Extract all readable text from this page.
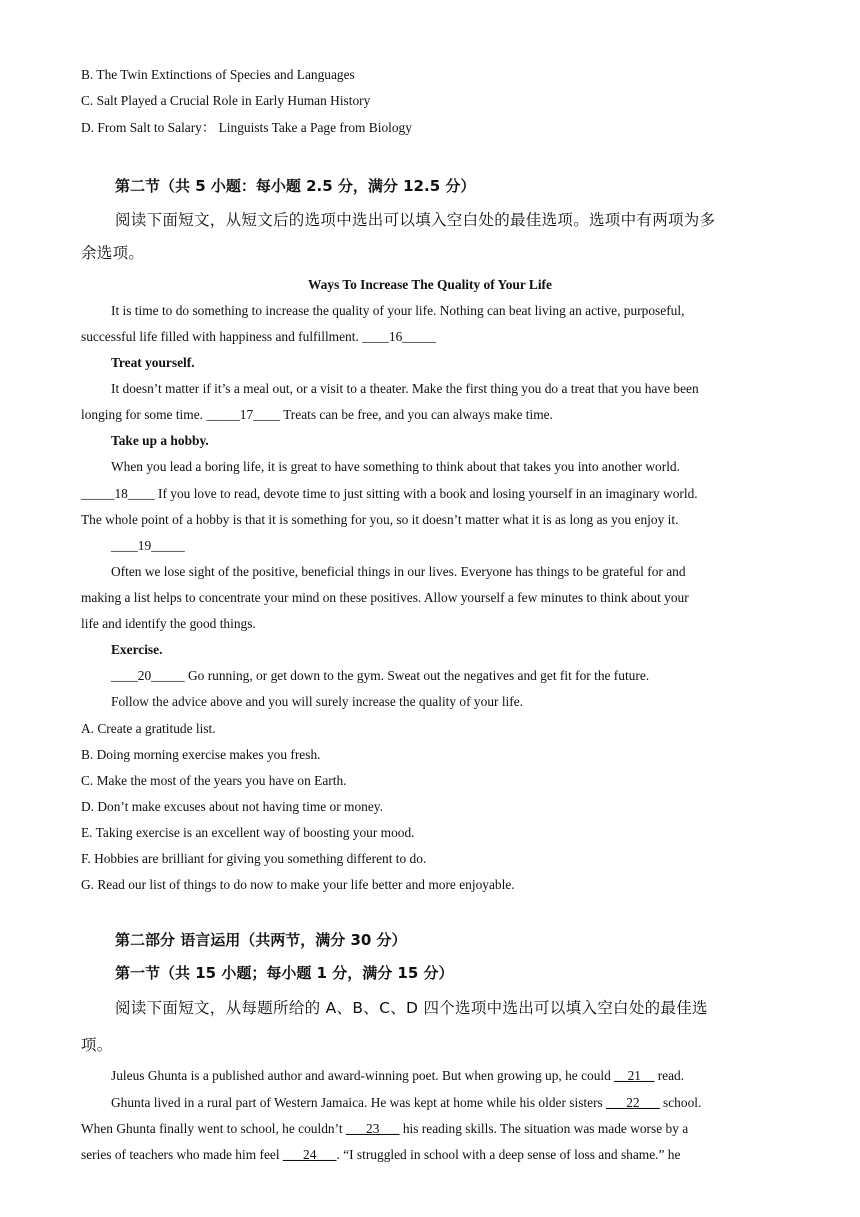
B. The Twin Extinctions of Species and Languages
C. Salt Played a Crucial Role in Early Human History
D. From Salt to Salary： Linguists Take a Page from Biology
第二节（共 5 小题：每小题 2.5 分，满分 12.5 分）
阅读下面短文，从短文后的选项中选出可以填入空白处的最佳选项。选项中有两项为多
余选项。
Ways To Increase The Quality of Your Life
It is time to do something to increase the quality of your life. Nothing can beat living an active, purposeful,
successful life filled with happiness and fulfillment. ____16_____
Treat yourself.
It doesn’t matter if it’s a meal out, or a visit to a theater. Make the first thing you do a treat that you have been
longing for some time. _____17____ Treats can be free, and you can always make time.
Take up a hobby.
When you lead a boring life, it is great to have something to think about that takes you into another world.
_____18____ If you love to read, devote time to just sitting with a book and losing yourself in an imaginary world.
The whole point of a hobby is that it is something for you, so it doesn’t matter what it is as long as you enjoy it.
____19_____
Often we lose sight of the positive, beneficial things in our lives. Everyone has things to be grateful for and
making a list helps to concentrate your mind on these positives. Allow yourself a few minutes to think about your
life and identify the good things.
Exercise.
____20_____ Go running, or get down to the gym. Sweat out the negatives and get fit for the future.
Follow the advice above and you will surely increase the quality of your life.
A. Create a gratitude list.
B. Doing morning exercise makes you fresh.
C. Make the most of the years you have on Earth.
D. Don’t make excuses about not having time or money.
E. Taking exercise is an excellent way of boosting your mood.
F. Hobbies are brilliant for giving you something different to do.
G. Read our list of things to do now to make your life better and more enjoyable.
第二部分 语言运用（共两节，满分 30 分）
第一节（共 15 小题；每小题 1 分，满分 15 分）
阅读下面短文，从每题所给的 A、B、C、D 四个选项中选出可以填入空白处的最佳选
项。
Juleus Ghunta is a published author and award-winning poet. But when growing up, he could __21__ read.
Ghunta lived in a rural part of Western Jamaica. He was kept at home while his older sisters ___22___ school.
When Ghunta finally went to school, he couldn’t ___23___ his reading skills. The situation was made worse by a
series of teachers who made him feel ___24___. “I struggled in school with a deep sense of loss and shame.” he
